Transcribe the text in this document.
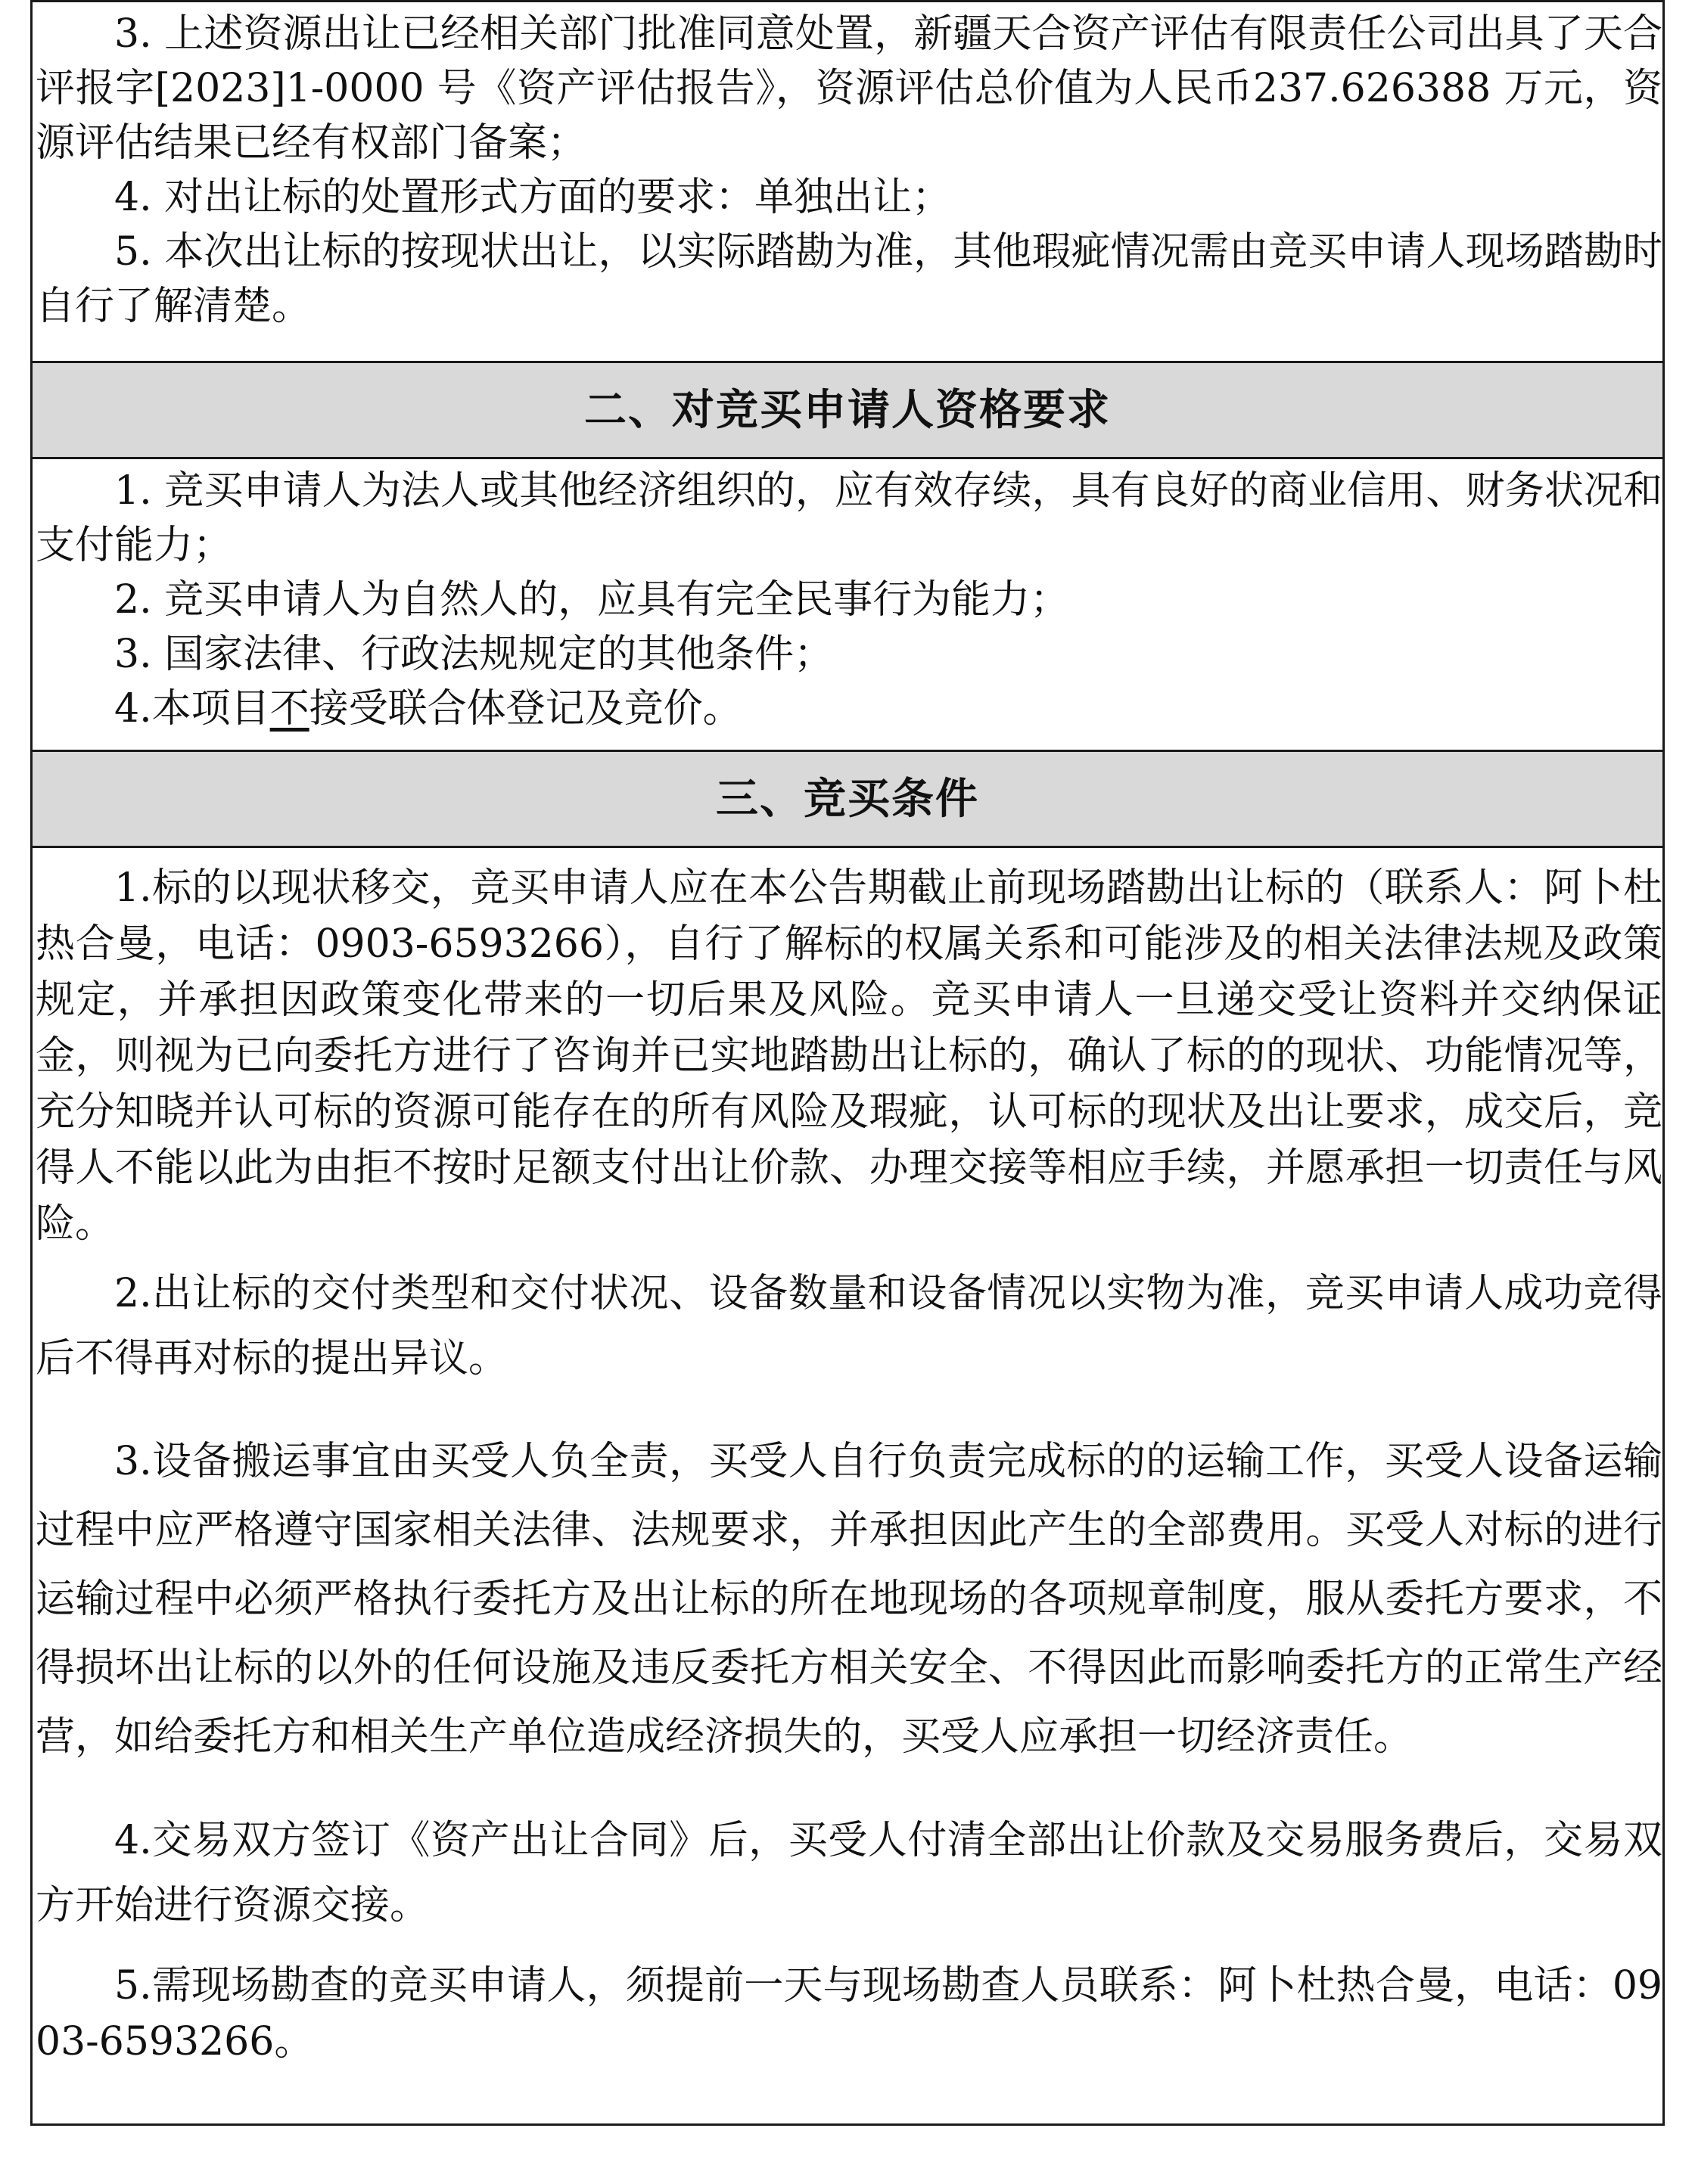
3. 上述资源出让已经相关部门批准同意处置，新疆天合资产评估有限责任公司出具了天合评报字[2023]1-0000 号《资产评估报告》，资源评估总价值为人民币237.626388 万元，资源评估结果已经有权部门备案；

4. 对出让标的处置形式方面的要求：单独出让；

5. 本次出让标的按现状出让，以实际踏勘为准，其他瑕疵情况需由竞买申请人现场踏勘时自行了解清楚。

二、对竞买申请人资格要求

1. 竞买申请人为法人或其他经济组织的，应有效存续，具有良好的商业信用、财务状况和支付能力；

2. 竞买申请人为自然人的，应具有完全民事行为能力；

3. 国家法律、行政法规规定的其他条件；

4.本项目不接受联合体登记及竞价。

三、竞买条件

1.标的以现状移交，竞买申请人应在本公告期截止前现场踏勘出让标的（联系人：阿卜杜热合曼，电话：0903-6593266），自行了解标的权属关系和可能涉及的相关法律法规及政策规定，并承担因政策变化带来的一切后果及风险。竞买申请人一旦递交受让资料并交纳保证金，则视为已向委托方进行了咨询并已实地踏勘出让标的，确认了标的的现状、功能情况等，充分知晓并认可标的资源可能存在的所有风险及瑕疵，认可标的现状及出让要求，成交后，竞得人不能以此为由拒不按时足额支付出让价款、办理交接等相应手续，并愿承担一切责任与风险。

2.出让标的交付类型和交付状况、设备数量和设备情况以实物为准，竞买申请人成功竞得后不得再对标的提出异议。

3.设备搬运事宜由买受人负全责，买受人自行负责完成标的的运输工作，买受人设备运输过程中应严格遵守国家相关法律、法规要求，并承担因此产生的全部费用。买受人对标的进行运输过程中必须严格执行委托方及出让标的所在地现场的各项规章制度，服从委托方要求，不得损坏出让标的以外的任何设施及违反委托方相关安全、不得因此而影响委托方的正常生产经营，如给委托方和相关生产单位造成经济损失的，买受人应承担一切经济责任。

4.交易双方签订《资产出让合同》后，买受人付清全部出让价款及交易服务费后，交易双方开始进行资源交接。

5.需现场勘查的竞买申请人，须提前一天与现场勘查人员联系：阿卜杜热合曼，电话：0903-6593266。
